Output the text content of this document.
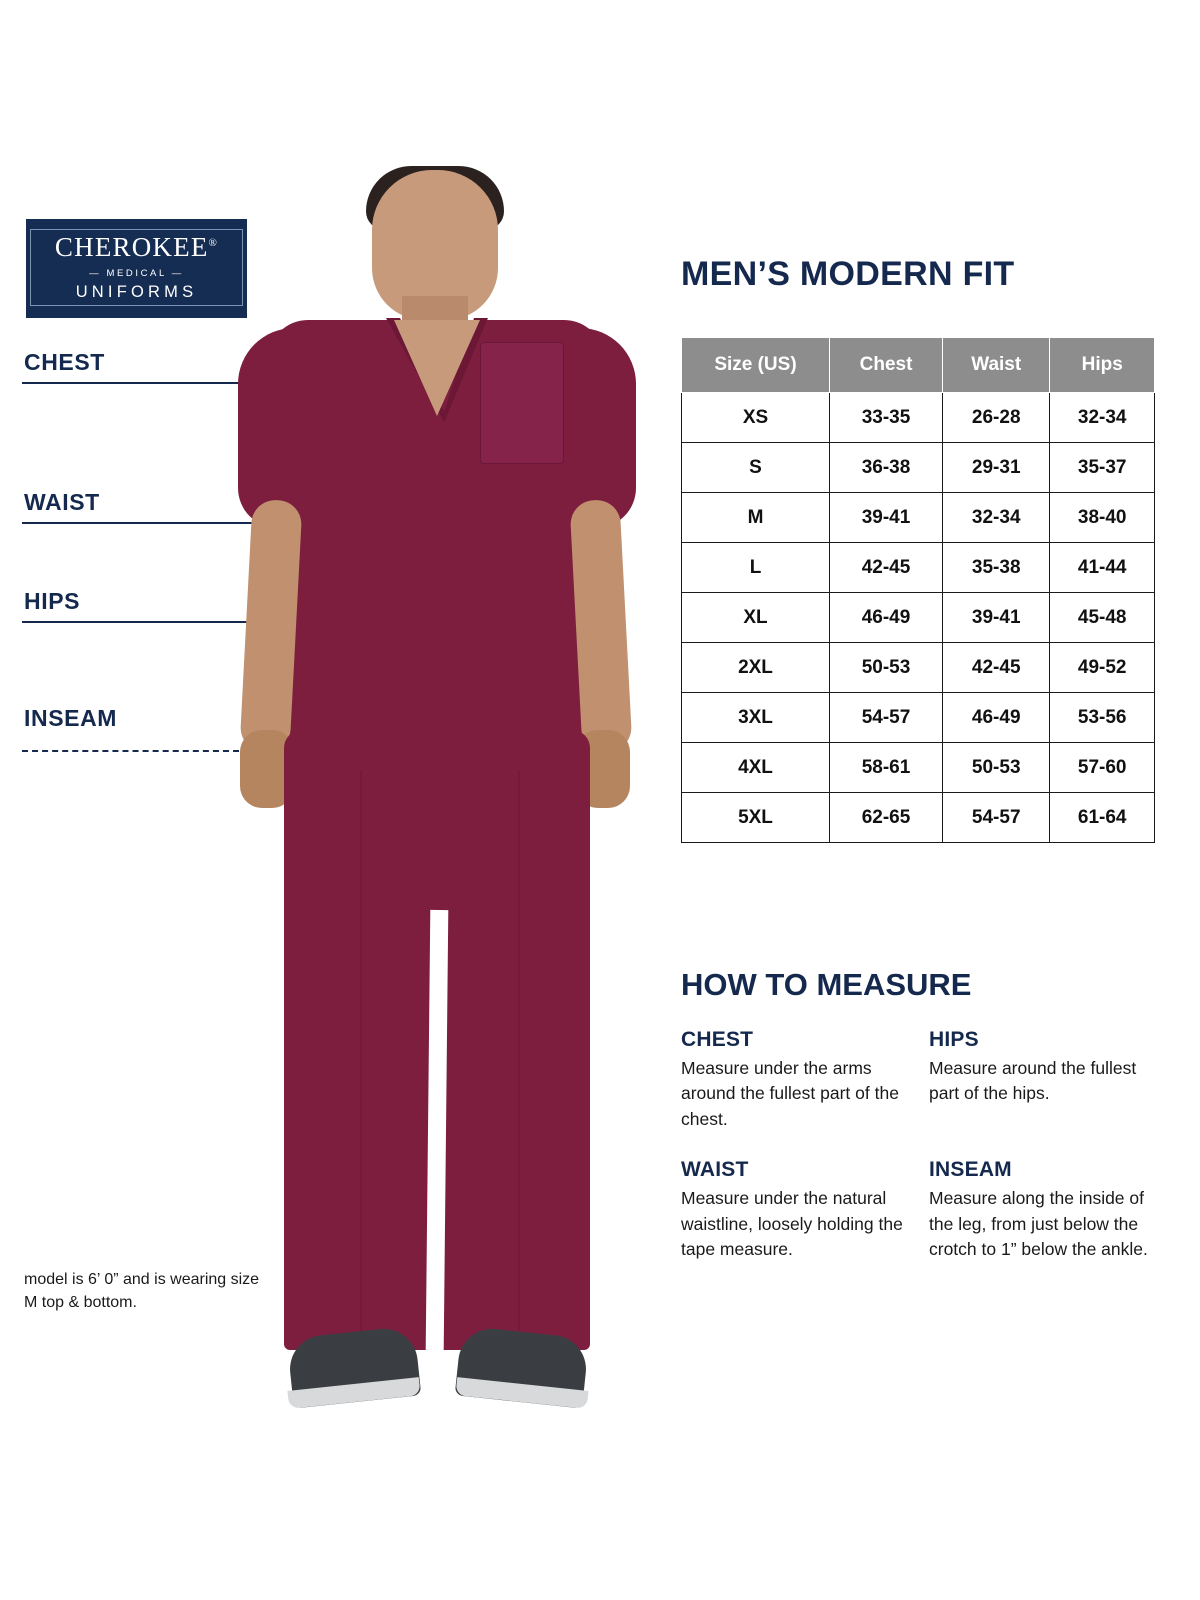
CHEROKEE®
— MEDICAL —
UNIFORMS
CHEST
WAIST
HIPS
INSEAM
model is 6’ 0” and is wearing size M top & bottom.
MEN’S MODERN FIT
Size (US)	Chest	Waist	Hips
XS	33-35	26-28	32-34
S	36-38	29-31	35-37
M	39-41	32-34	38-40
L	42-45	35-38	41-44
XL	46-49	39-41	45-48
2XL	50-53	42-45	49-52
3XL	54-57	46-49	53-56
4XL	58-61	50-53	57-60
5XL	62-65	54-57	61-64
HOW TO MEASURE
CHEST

Measure under the arms around the fullest part of the chest.

HIPS

Measure around the fullest part of the hips.

WAIST

Measure under the natural waistline, loosely holding the tape measure.

INSEAM

Measure along the inside of the leg, from just below the crotch to 1” below the ankle.
